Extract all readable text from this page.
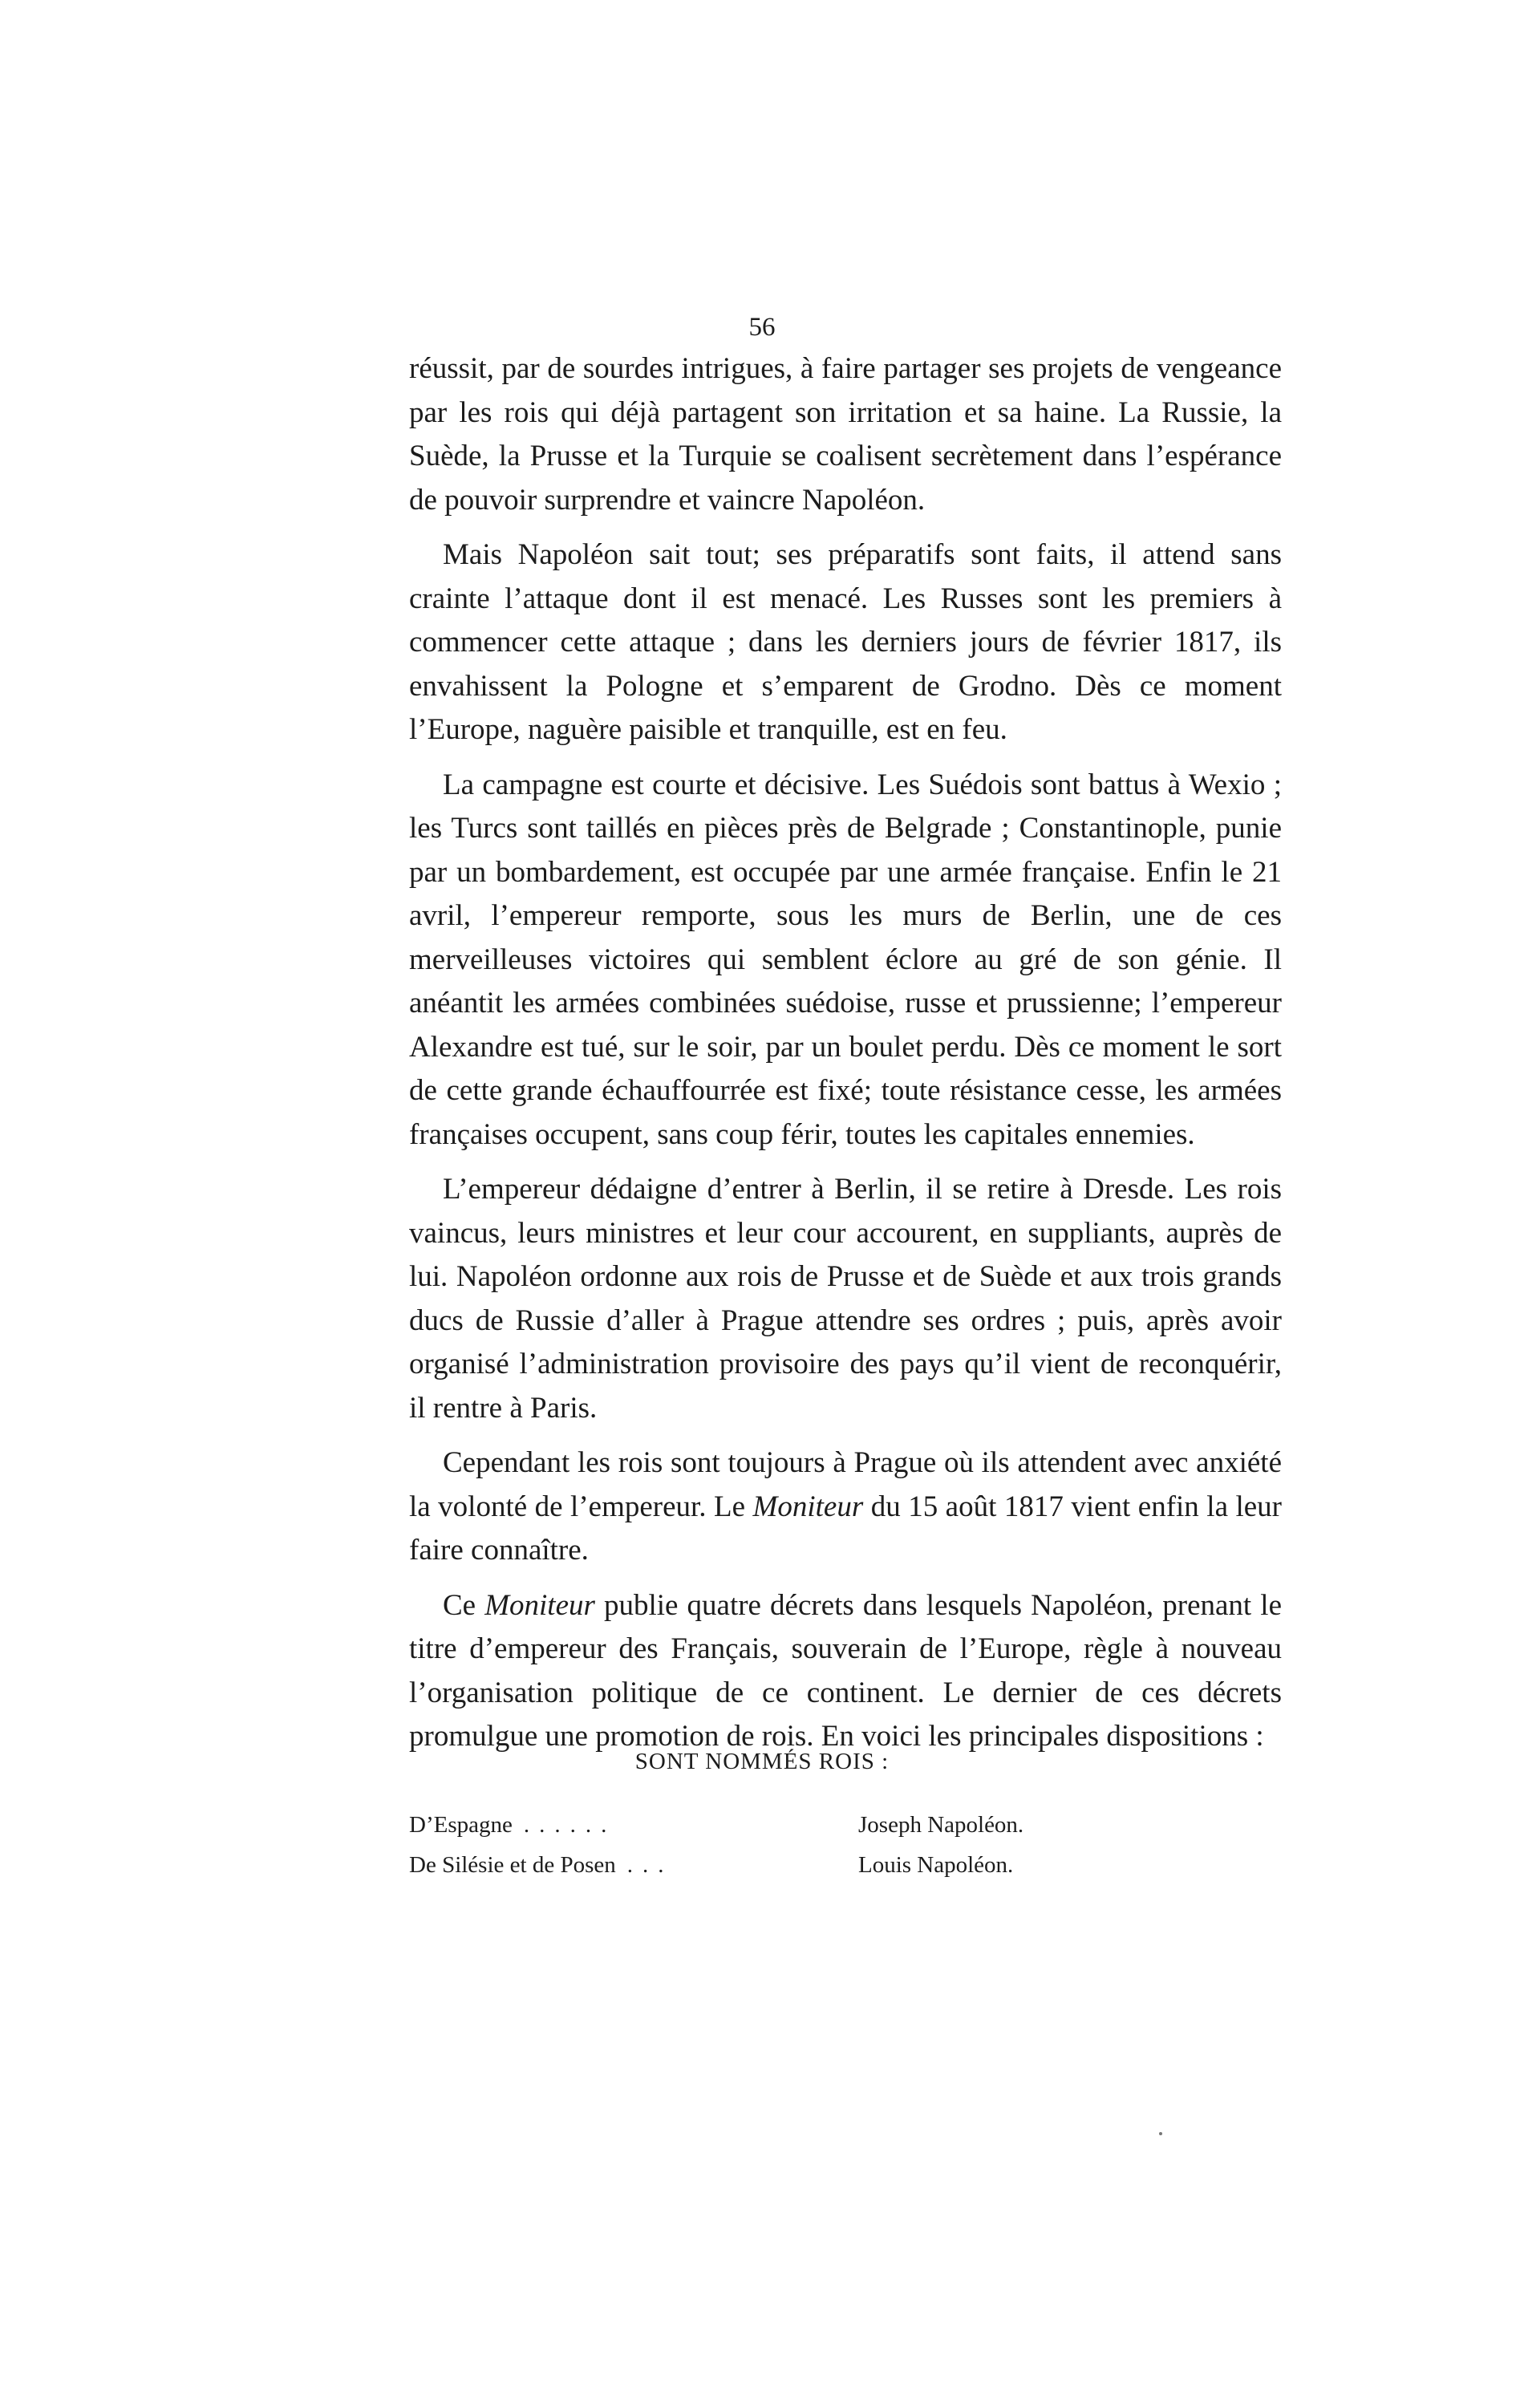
56

réussit, par de sourdes intrigues, à faire partager ses projets de vengeance par les rois qui déjà partagent son irritation et sa haine. La Russie, la Suède, la Prusse et la Turquie se coalisent secrètement dans l’espérance de pouvoir surprendre et vaincre Napoléon.

Mais Napoléon sait tout; ses préparatifs sont faits, il attend sans crainte l’attaque dont il est menacé. Les Russes sont les premiers à commencer cette attaque ; dans les derniers jours de février 1817, ils envahissent la Pologne et s’emparent de Grodno. Dès ce moment l’Europe, naguère paisible et tranquille, est en feu.

La campagne est courte et décisive. Les Suédois sont battus à Wexio ; les Turcs sont taillés en pièces près de Belgrade ; Constantinople, punie par un bombardement, est occupée par une armée française. Enfin le 21 avril, l’empereur remporte, sous les murs de Berlin, une de ces merveilleuses victoires qui semblent éclore au gré de son génie. Il anéantit les armées combinées suédoise, russe et prussienne; l’empereur Alexandre est tué, sur le soir, par un boulet perdu. Dès ce moment le sort de cette grande échauffourrée est fixé; toute résistance cesse, les armées françaises occupent, sans coup férir, toutes les capitales ennemies.

L’empereur dédaigne d’entrer à Berlin, il se retire à Dresde. Les rois vaincus, leurs ministres et leur cour accourent, en suppliants, auprès de lui. Napoléon ordonne aux rois de Prusse et de Suède et aux trois grands ducs de Russie d’aller à Prague attendre ses ordres ; puis, après avoir organisé l’administration provisoire des pays qu’il vient de reconquérir, il rentre à Paris.

Cependant les rois sont toujours à Prague où ils attendent avec anxiété la volonté de l’empereur. Le Moniteur du 15 août 1817 vient enfin la leur faire connaître.

Ce Moniteur publie quatre décrets dans lesquels Napoléon, prenant le titre d’empereur des Français, souverain de l’Europe, règle à nouveau l’organisation politique de ce continent. Le dernier de ces décrets promulgue une promotion de rois. En voici les principales dispositions :

SONT NOMMÉS ROIS :
D’Espagne ......	Joseph Napoléon.
De Silésie et de Posen ...	Louis Napoléon.
